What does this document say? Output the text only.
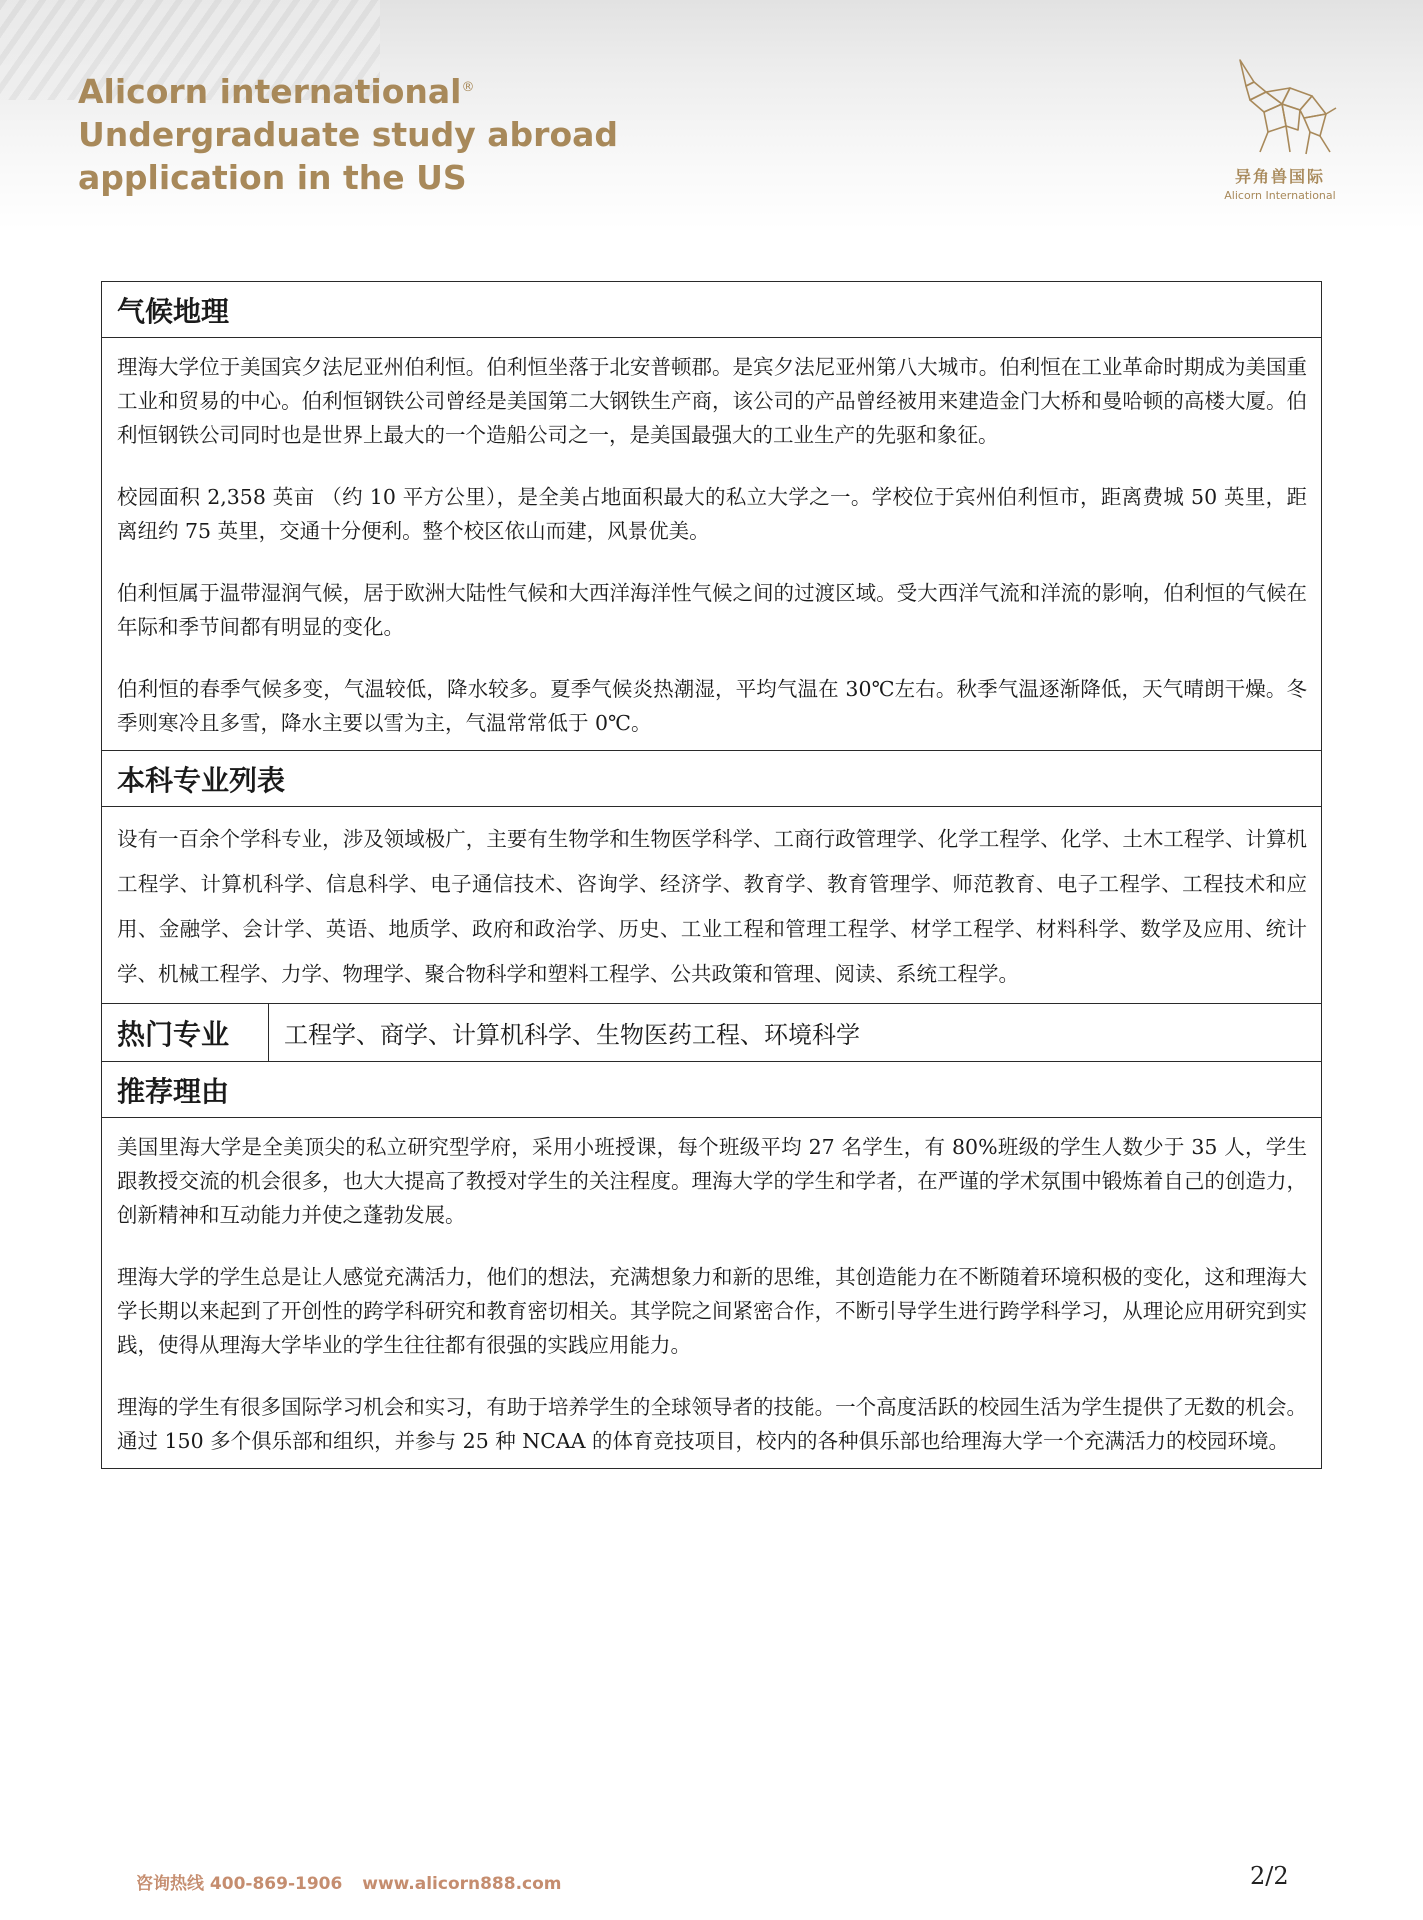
Alicorn international®
Undergraduate study abroad
application in the US	异角兽国际
Alicorn International
气候地理

理海大学位于美国宾夕法尼亚州伯利恒。伯利恒坐落于北安普顿郡。是宾夕法尼亚州第八大城市。伯利恒在工业革命时期成为美国重工业和贸易的中心。伯利恒钢铁公司曾经是美国第二大钢铁生产商，该公司的产品曾经被用来建造金门大桥和曼哈顿的高楼大厦。伯利恒钢铁公司同时也是世界上最大的一个造船公司之一，是美国最强大的工业生产的先驱和象征。

校园面积 2,358 英亩 （约 10 平方公里），是全美占地面积最大的私立大学之一。学校位于宾州伯利恒市，距离费城 50 英里，距离纽约 75 英里，交通十分便利。整个校区依山而建，风景优美。

伯利恒属于温带湿润气候，居于欧洲大陆性气候和大西洋海洋性气候之间的过渡区域。受大西洋气流和洋流的影响，伯利恒的气候在年际和季节间都有明显的变化。

伯利恒的春季气候多变，气温较低，降水较多。夏季气候炎热潮湿，平均气温在 30℃左右。秋季气温逐渐降低，天气晴朗干燥。冬季则寒冷且多雪，降水主要以雪为主，气温常常低于 0℃。

本科专业列表

设有一百余个学科专业，涉及领域极广，主要有生物学和生物医学科学、工商行政管理学、化学工程学、化学、土木工程学、计算机工程学、计算机科学、信息科学、电子通信技术、咨询学、经济学、教育学、教育管理学、师范教育、电子工程学、工程技术和应用、金融学、会计学、英语、地质学、政府和政治学、历史、工业工程和管理工程学、材学工程学、材料科学、数学及应用、统计学、机械工程学、力学、物理学、聚合物科学和塑料工程学、公共政策和管理、阅读、系统工程学。

热门专业	工程学、商学、计算机科学、生物医药工程、环境科学
推荐理由

美国里海大学是全美顶尖的私立研究型学府，采用小班授课，每个班级平均 27 名学生，有 80%班级的学生人数少于 35 人，学生跟教授交流的机会很多，也大大提高了教授对学生的关注程度。理海大学的学生和学者，在严谨的学术氛围中锻炼着自己的创造力，创新精神和互动能力并使之蓬勃发展。

理海大学的学生总是让人感觉充满活力，他们的想法，充满想象力和新的思维，其创造能力在不断随着环境积极的变化，这和理海大学长期以来起到了开创性的跨学科研究和教育密切相关。其学院之间紧密合作，不断引导学生进行跨学科学习，从理论应用研究到实践，使得从理海大学毕业的学生往往都有很强的实践应用能力。

理海的学生有很多国际学习机会和实习，有助于培养学生的全球领导者的技能。一个高度活跃的校园生活为学生提供了无数的机会。通过 150 多个俱乐部和组织，并参与 25 种 NCAA 的体育竞技项目，校内的各种俱乐部也给理海大学一个充满活力的校园环境。

咨询热线 400-869-1906 www.alicorn888.com	2/2
